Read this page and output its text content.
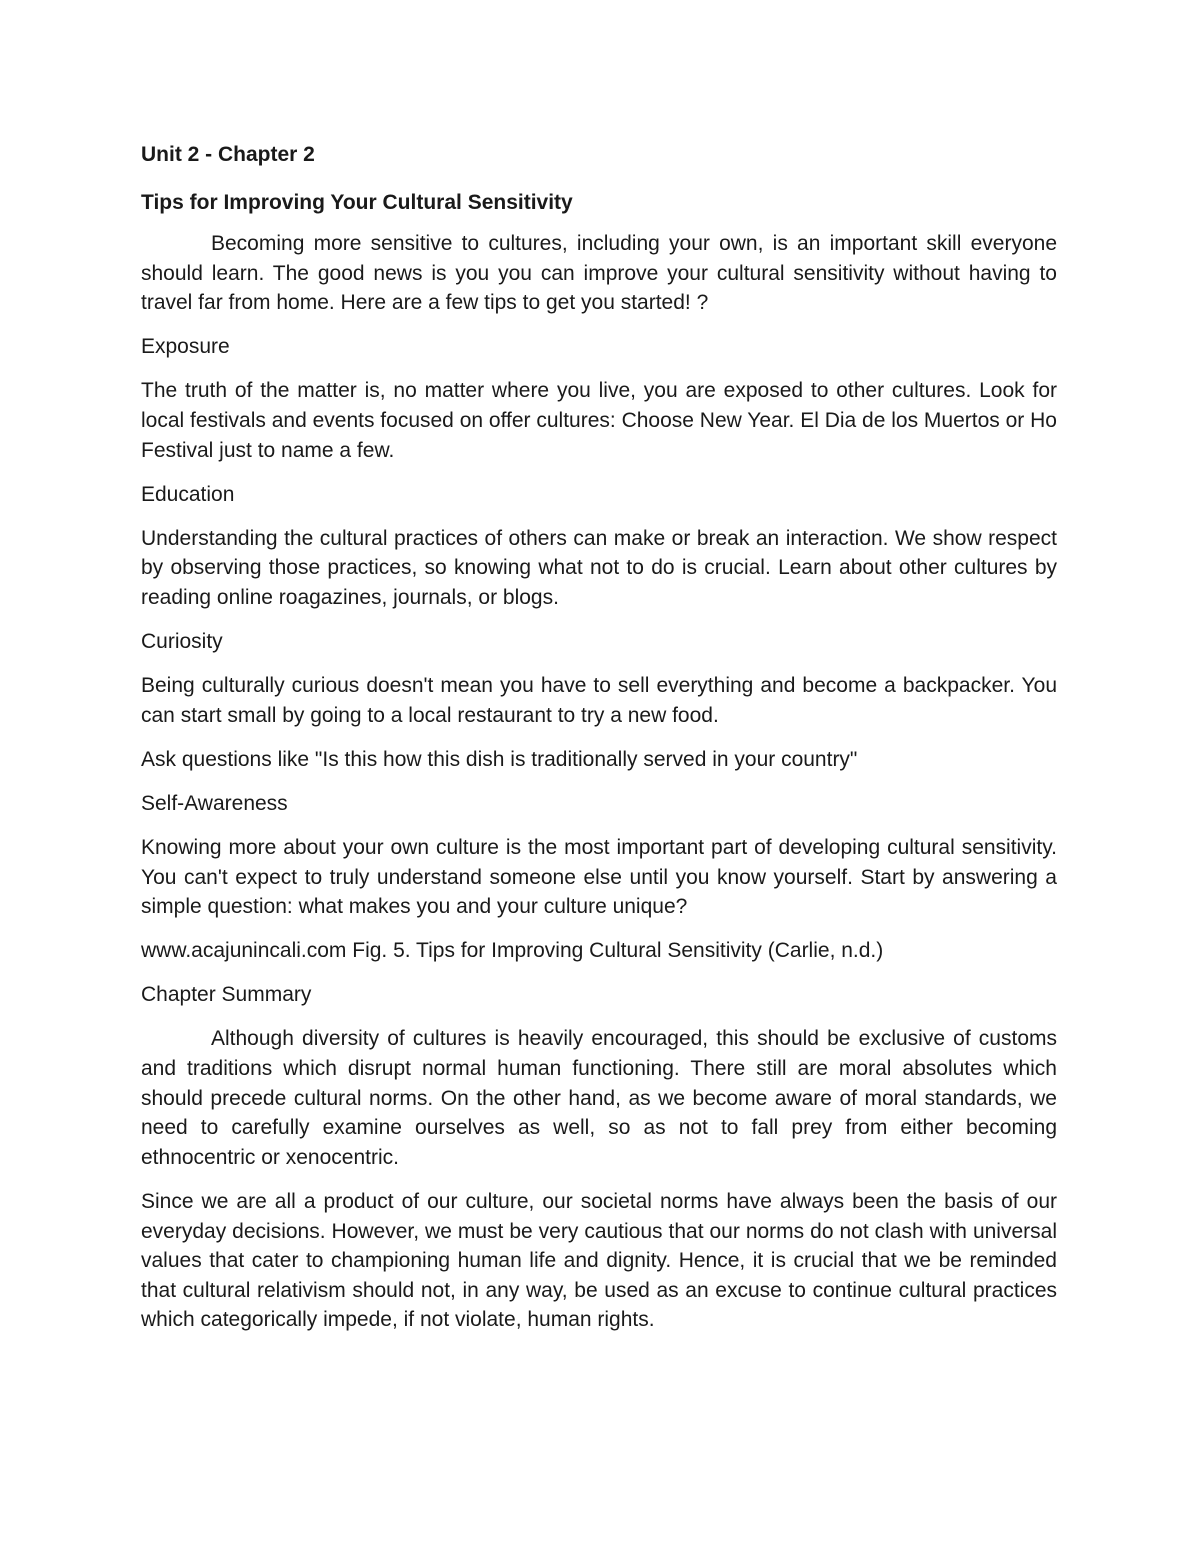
Unit 2 - Chapter 2
Tips for Improving Your Cultural Sensitivity

Becoming more sensitive to cultures, including your own, is an important skill everyone should learn. The good news is you you can improve your cultural sensitivity without having to travel far from home. Here are a few tips to get you started! ?

Exposure

The truth of the matter is, no matter where you live, you are exposed to other cultures. Look for local festivals and events focused on offer cultures: Choose New Year. El Dia de los Muertos or Ho Festival just to name a few.

Education

Understanding the cultural practices of others can make or break an interaction. We show respect by observing those practices, so knowing what not to do is crucial. Learn about other cultures by reading online roagazines, journals, or blogs.

Curiosity

Being culturally curious doesn't mean you have to sell everything and become a backpacker. You can start small by going to a local restaurant to try a new food.

Ask questions like "Is this how this dish is traditionally served in your country"

Self-Awareness

Knowing more about your own culture is the most important part of developing cultural sensitivity. You can't expect to truly understand someone else until you know yourself. Start by answering a simple question: what makes you and your culture unique?

www.acajunincali.com Fig. 5. Tips for Improving Cultural Sensitivity (Carlie, n.d.)

Chapter Summary

Although diversity of cultures is heavily encouraged, this should be exclusive of customs and traditions which disrupt normal human functioning. There still are moral absolutes which should precede cultural norms. On the other hand, as we become aware of moral standards, we need to carefully examine ourselves as well, so as not to fall prey from either becoming ethnocentric or xenocentric.

Since we are all a product of our culture, our societal norms have always been the basis of our everyday decisions. However, we must be very cautious that our norms do not clash with universal values that cater to championing human life and dignity. Hence, it is crucial that we be reminded that cultural relativism should not, in any way, be used as an excuse to continue cultural practices which categorically impede, if not violate, human rights.
